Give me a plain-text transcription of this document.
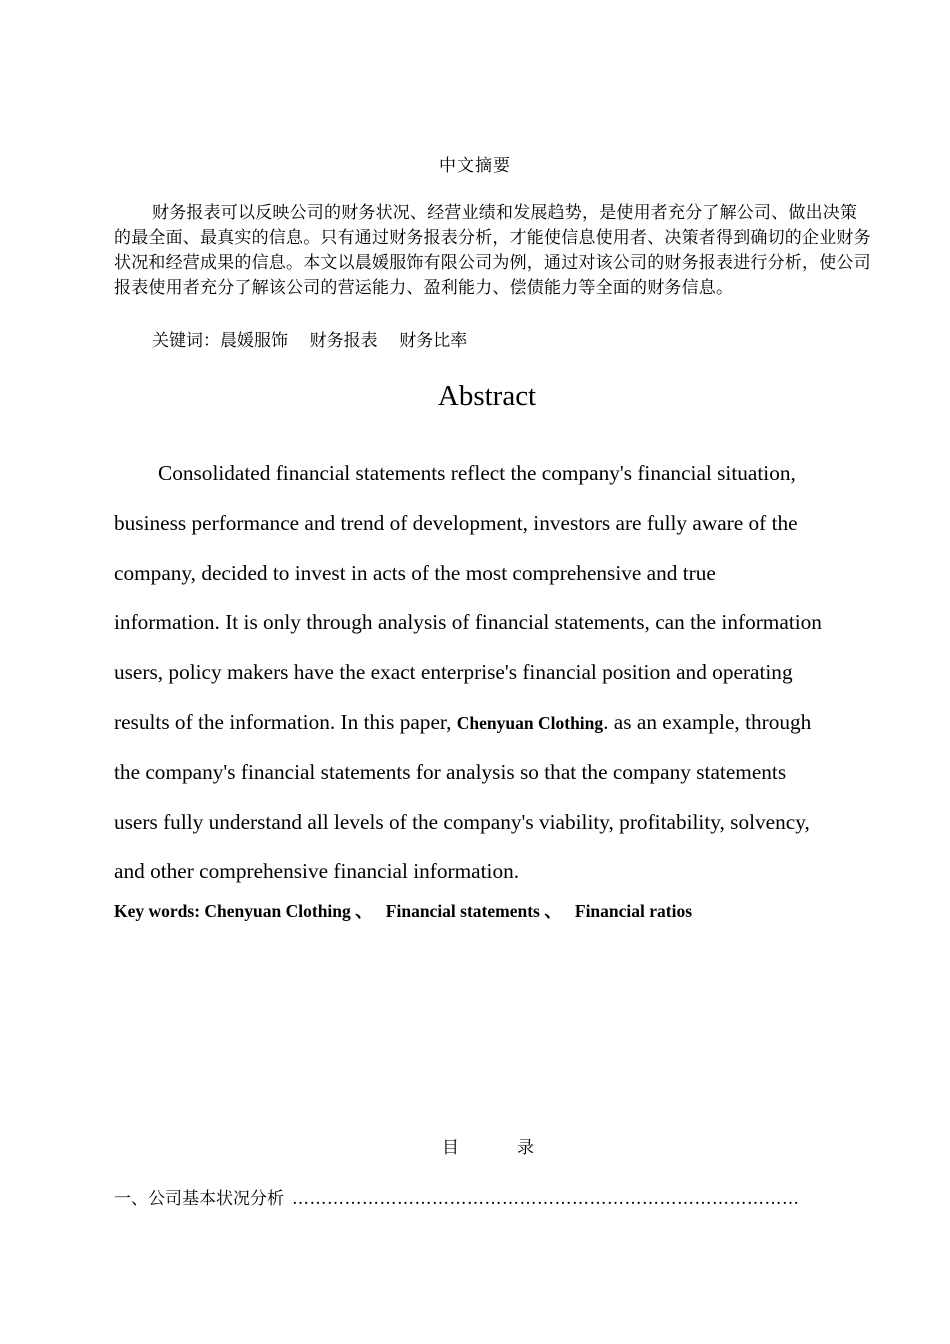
中文摘要
财务报表可以反映公司的财务状况、经营业绩和发展趋势，是使用者充分了解公司、做出决策的最全面、最真实的信息。只有通过财务报表分析，才能使信息使用者、决策者得到确切的企业财务状况和经营成果的信息。本文以晨媛服饰有限公司为例，通过对该公司的财务报表进行分析，使公司报表使用者充分了解该公司的营运能力、盈利能力、偿债能力等全面的财务信息。
关键词：晨媛服饰 财务报表 财务比率
Abstract
Consolidated financial statements reflect the company's financial situation,
business performance and trend of development, investors are fully aware of the
company, decided to invest in acts of the most comprehensive and true
information. It is only through analysis of financial statements, can the information
users, policy makers have the exact enterprise's financial position and operating
results of the information. In this paper, Chenyuan Clothing. as an example, through
the company's financial statements for analysis so that the company statements
users fully understand all levels of the company's viability, profitability, solvency,
and other comprehensive financial information.
Key words: Chenyuan Clothing 、 Financial statements 、 Financial ratios
目	录
一、公司基本状况分析 ……………………………………………………………………………
